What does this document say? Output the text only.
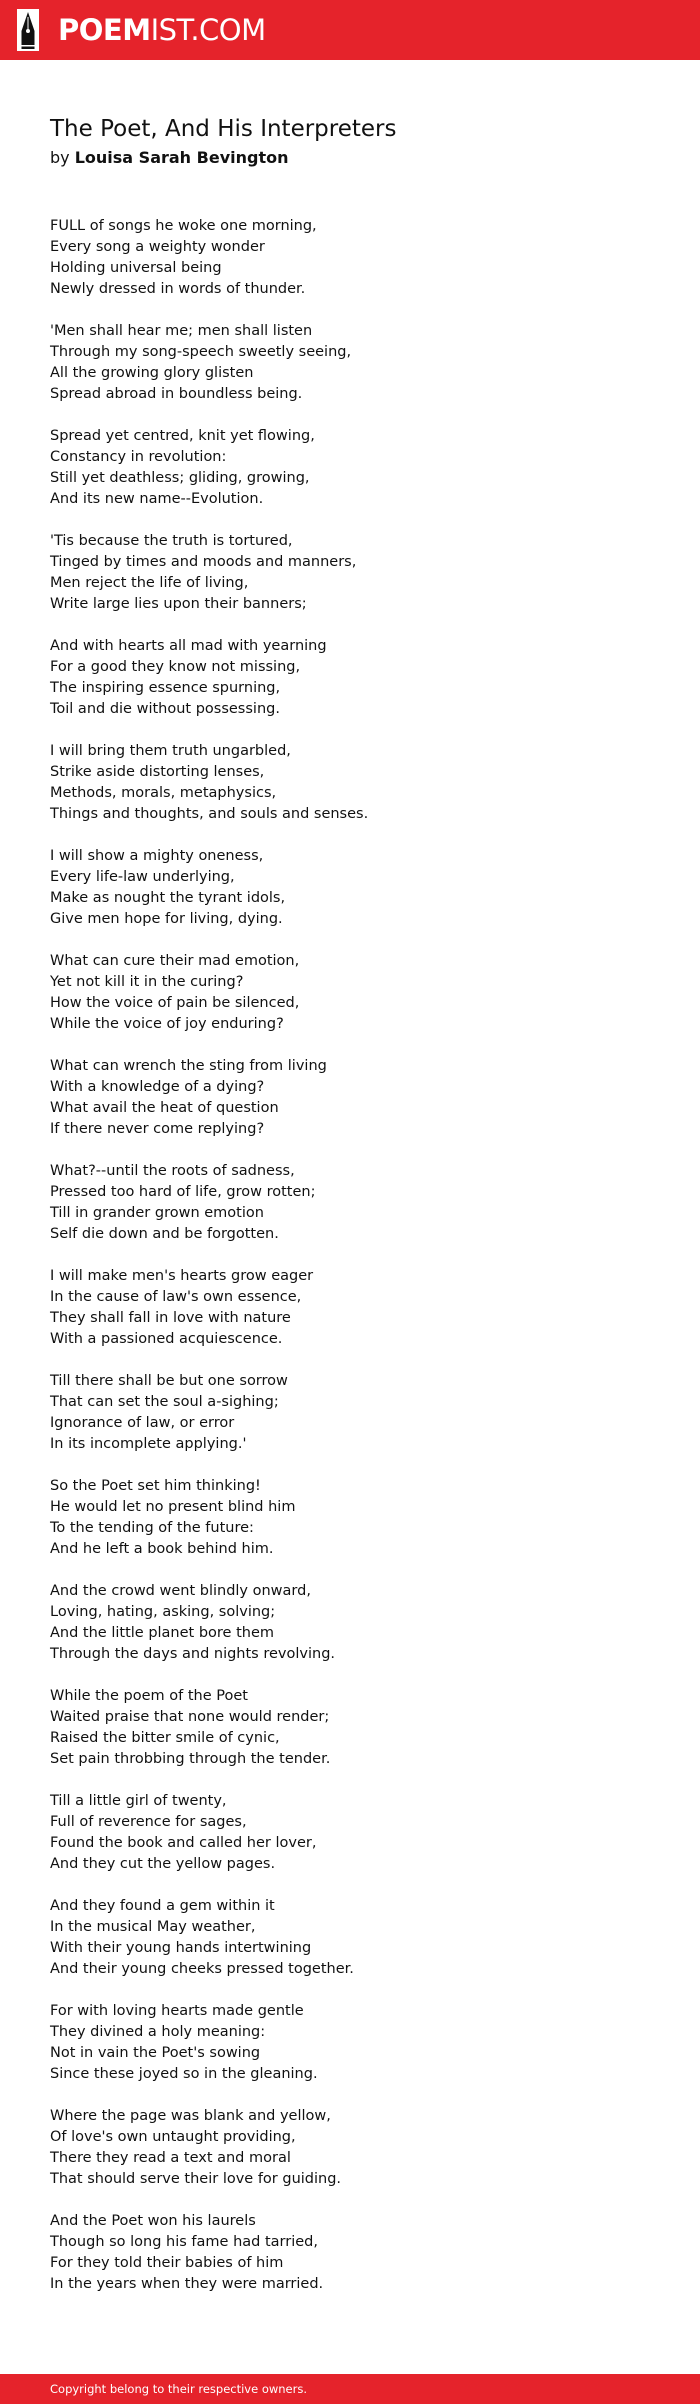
POEMIST.COM
The Poet, And His Interpreters
by Louisa Sarah Bevington
FULL of songs he woke one morning,
Every song a weighty wonder
Holding universal being
Newly dressed in words of thunder.
'Men shall hear me; men shall listen
Through my song-speech sweetly seeing,
All the growing glory glisten
Spread abroad in boundless being.
Spread yet centred, knit yet flowing,
Constancy in revolution:
Still yet deathless; gliding, growing,
And its new name--Evolution.
'Tis because the truth is tortured,
Tinged by times and moods and manners,
Men reject the life of living,
Write large lies upon their banners;
And with hearts all mad with yearning
For a good they know not missing,
The inspiring essence spurning,
Toil and die without possessing.
I will bring them truth ungarbled,
Strike aside distorting lenses,
Methods, morals, metaphysics,
Things and thoughts, and souls and senses.
I will show a mighty oneness,
Every life-law underlying,
Make as nought the tyrant idols,
Give men hope for living, dying.
What can cure their mad emotion,
Yet not kill it in the curing?
How the voice of pain be silenced,
While the voice of joy enduring?
What can wrench the sting from living
With a knowledge of a dying?
What avail the heat of question
If there never come replying?
What?--until the roots of sadness,
Pressed too hard of life, grow rotten;
Till in grander grown emotion
Self die down and be forgotten.
I will make men's hearts grow eager
In the cause of law's own essence,
They shall fall in love with nature
With a passioned acquiescence.
Till there shall be but one sorrow
That can set the soul a-sighing;
Ignorance of law, or error
In its incomplete applying.'
So the Poet set him thinking!
He would let no present blind him
To the tending of the future:
And he left a book behind him.
And the crowd went blindly onward,
Loving, hating, asking, solving;
And the little planet bore them
Through the days and nights revolving.
While the poem of the Poet
Waited praise that none would render;
Raised the bitter smile of cynic,
Set pain throbbing through the tender.
Till a little girl of twenty,
Full of reverence for sages,
Found the book and called her lover,
And they cut the yellow pages.
And they found a gem within it
In the musical May weather,
With their young hands intertwining
And their young cheeks pressed together.
For with loving hearts made gentle
They divined a holy meaning:
Not in vain the Poet's sowing
Since these joyed so in the gleaning.
Where the page was blank and yellow,
Of love's own untaught providing,
There they read a text and moral
That should serve their love for guiding.
And the Poet won his laurels
Though so long his fame had tarried,
For they told their babies of him
In the years when they were married.
Copyright belong to their respective owners.
